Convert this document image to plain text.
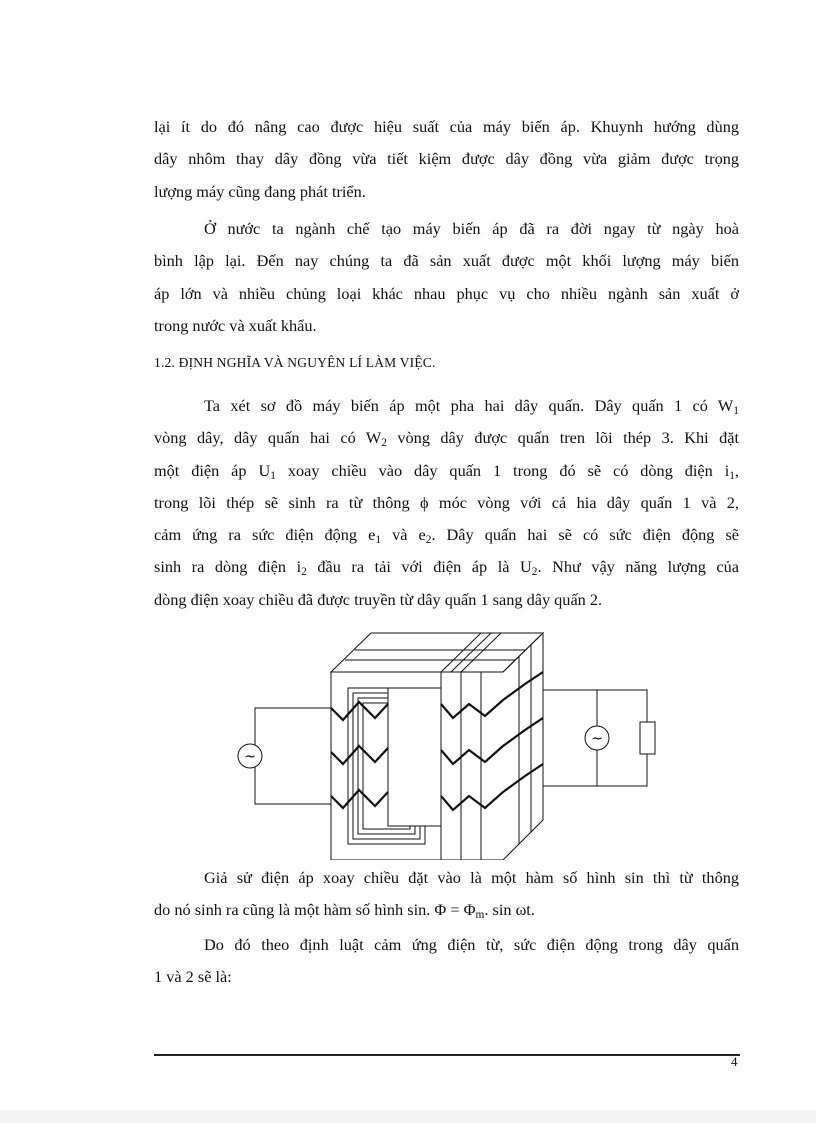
lại ít do đó nâng cao được hiệu suất của máy biến áp. Khuynh hướng dùng
dây nhôm thay dây đồng vừa tiết kiệm được dây đồng vừa giảm được trọng
lượng máy cũng đang phát triển.
Ở nước ta ngành chế tạo máy biến áp đã ra đời ngay từ ngày hoà
bình lập lại. Đến nay chúng ta đã sản xuất được một khối lượng máy biến
áp lớn và nhiều chủng loại khác nhau phục vụ cho nhiều ngành sản xuất ở
trong nước và xuất khẩu.
1.2. ĐỊNH NGHĨA VÀ NGUYÊN LÍ LÀM VIỆC.
Ta xét sơ đồ máy biến áp một pha hai dây quấn. Dây quấn 1 có $W_1$
vòng dây, dây quấn hai có $W_2$ vòng dây được quấn tren lõi thép 3. Khi đặt
một điện áp $U_1$ xoay chiều vào dây quấn 1 trong đó sẽ có dòng điện $i_1$,
trong lõi thép sẽ sinh ra từ thông ϕ móc vòng với cả hia dây quấn 1 và 2,
cảm ứng ra sức điện động $e_1$ và $e_2$. Dây quấn hai sẽ có sức điện động sẽ
sinh ra dòng điện $i_2$ đầu ra tải với điện áp là $U_2$. Như vậy năng lượng của
dòng điện xoay chiều đã được truyền từ dây quấn 1 sang dây quấn 2.
~
~
Giả sử điện áp xoay chiều đặt vào là một hàm số hình sin thì từ thông
do nó sinh ra cũng là một hàm số hình sin. $\Phi = \Phi_m$. sin ωt.
Do đó theo định luật cảm ứng điện từ, sức điện động trong dây quấn
1 và 2 sẽ là:
4
